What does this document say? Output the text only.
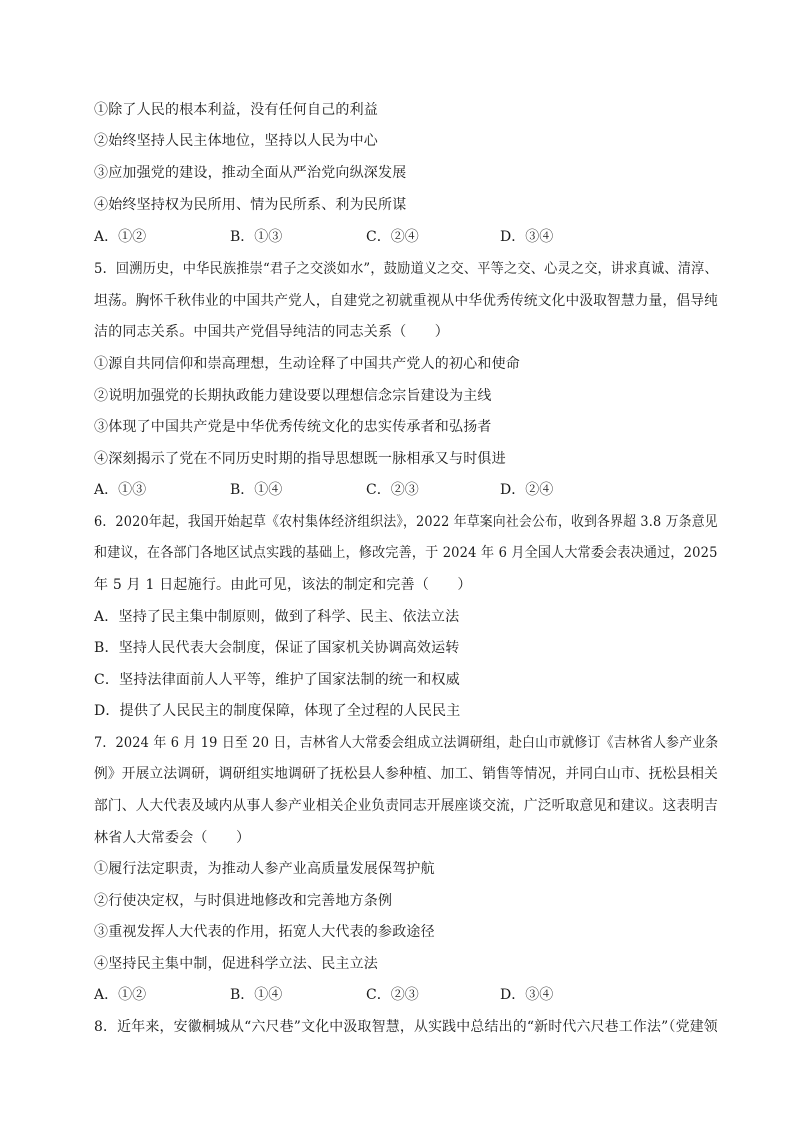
①除了人民的根本利益，没有任何自己的利益
②始终坚持人民主体地位，坚持以人民为中心
③应加强党的建设，推动全面从严治党向纵深发展
④始终坚持权为民所用、情为民所系、利为民所谋
A．①②	B．①③	C．②④	D．③④
5．回溯历史，中华民族推崇“君子之交淡如水”，鼓励道义之交、平等之交、心灵之交，讲求真诚、清淳、
坦荡。胸怀千秋伟业的中国共产党人，自建党之初就重视从中华优秀传统文化中汲取智慧力量，倡导纯
洁的同志关系。中国共产党倡导纯洁的同志关系（　　）
①源自共同信仰和崇高理想，生动诠释了中国共产党人的初心和使命
②说明加强党的长期执政能力建设要以理想信念宗旨建设为主线
③体现了中国共产党是中华优秀传统文化的忠实传承者和弘扬者
④深刻揭示了党在不同历史时期的指导思想既一脉相承又与时俱进
A．①③	B．①④	C．②③	D．②④
6．2020年起，我国开始起草《农村集体经济组织法》，2022 年草案向社会公布，收到各界超 3.8 万条意见
和建议，在各部门各地区试点实践的基础上，修改完善，于 2024 年 6 月全国人大常委会表决通过，2025
年 5 月 1 日起施行。由此可见，该法的制定和完善（　　）
A．坚持了民主集中制原则，做到了科学、民主、依法立法
B．坚持人民代表大会制度，保证了国家机关协调高效运转
C．坚持法律面前人人平等，维护了国家法制的统一和权威
D．提供了人民民主的制度保障，体现了全过程的人民民主
7．2024 年 6 月 19 日至 20 日，吉林省人大常委会组成立法调研组，赴白山市就修订《吉林省人参产业条
例》开展立法调研，调研组实地调研了抚松县人参种植、加工、销售等情况，并同白山市、抚松县相关
部门、人大代表及域内从事人参产业相关企业负责同志开展座谈交流，广泛听取意见和建议。这表明吉
林省人大常委会（　　）
①履行法定职责，为推动人参产业高质量发展保驾护航
②行使决定权，与时俱进地修改和完善地方条例
③重视发挥人大代表的作用，拓宽人大代表的参政途径
④坚持民主集中制，促进科学立法、民主立法
A．①②	B．①④	C．②③	D．③④
8．近年来，安徽桐城从“六尺巷”文化中汲取智慧，从实践中总结出的“新时代六尺巷工作法”（党建领
